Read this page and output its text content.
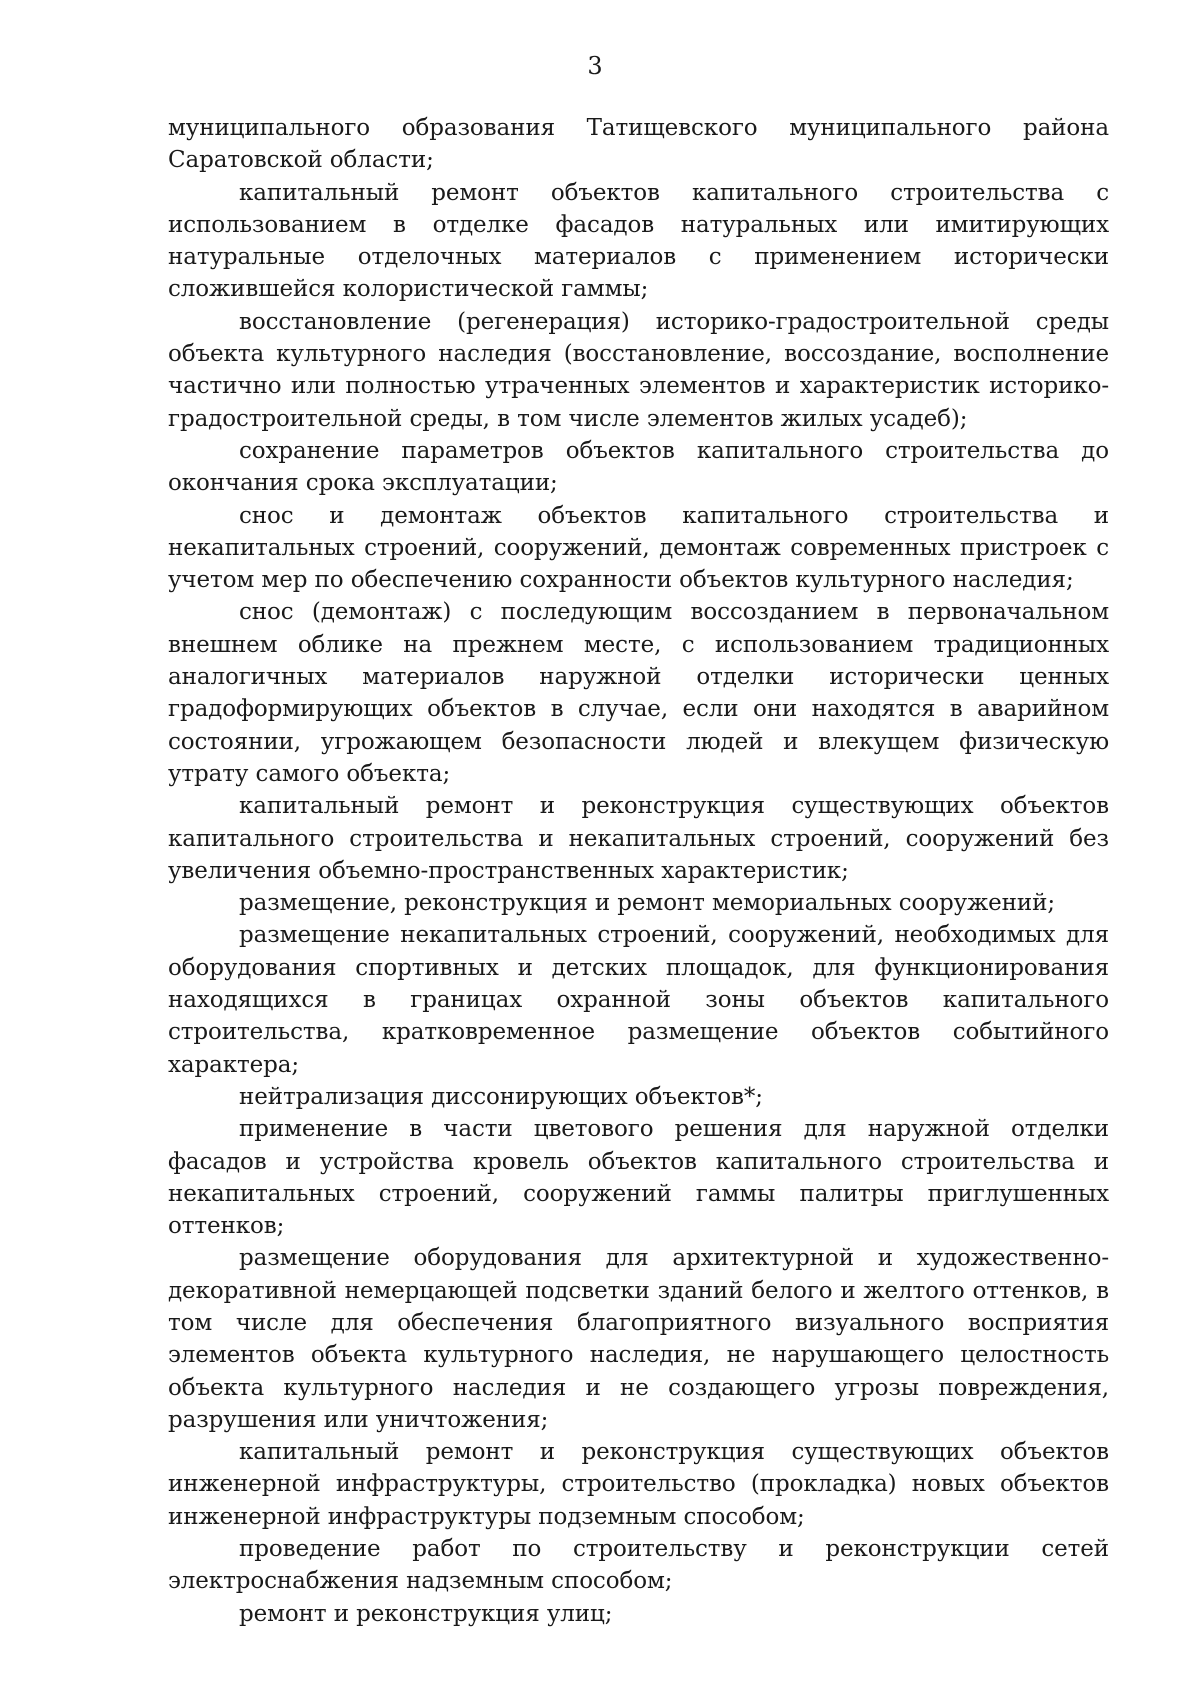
3

муниципального образования Татищевского муниципального района Саратовской области;

капитальный ремонт объектов капитального строительства с использованием в отделке фасадов натуральных или имитирующих натуральные отделочных материалов с применением исторически сложившейся колористической гаммы;

восстановление (регенерация) историко-градостроительной среды объекта культурного наследия (восстановление, воссоздание, восполнение частично или полностью утраченных элементов и характеристик историко-градостроительной среды, в том числе элементов жилых усадеб);

сохранение параметров объектов капитального строительства до окончания срока эксплуатации;

снос и демонтаж объектов капитального строительства и некапитальных строений, сооружений, демонтаж современных пристроек с учетом мер по обеспечению сохранности объектов культурного наследия;

снос (демонтаж) с последующим воссозданием в первоначальном внешнем облике на прежнем месте, с использованием традиционных аналогичных материалов наружной отделки исторически ценных градоформирующих объектов в случае, если они находятся в аварийном состоянии, угрожающем безопасности людей и влекущем физическую утрату самого объекта;

капитальный ремонт и реконструкция существующих объектов капитального строительства и некапитальных строений, сооружений без увеличения объемно-пространственных характеристик;

размещение, реконструкция и ремонт мемориальных сооружений;

размещение некапитальных строений, сооружений, необходимых для оборудования спортивных и детских площадок, для функционирования находящихся в границах охранной зоны объектов капитального строительства, кратковременное размещение объектов событийного характера;

нейтрализация диссонирующих объектов*;

применение в части цветового решения для наружной отделки фасадов и устройства кровель объектов капитального строительства и некапитальных строений, сооружений гаммы палитры приглушенных оттенков;

размещение оборудования для архитектурной и художественно-декоративной немерцающей подсветки зданий белого и желтого оттенков, в том числе для обеспечения благоприятного визуального восприятия элементов объекта культурного наследия, не нарушающего целостность объекта культурного наследия и не создающего угрозы повреждения, разрушения или уничтожения;

капитальный ремонт и реконструкция существующих объектов инженерной инфраструктуры, строительство (прокладка) новых объектов инженерной инфраструктуры подземным способом;

проведение работ по строительству и реконструкции сетей электроснабжения надземным способом;

ремонт и реконструкция улиц;
